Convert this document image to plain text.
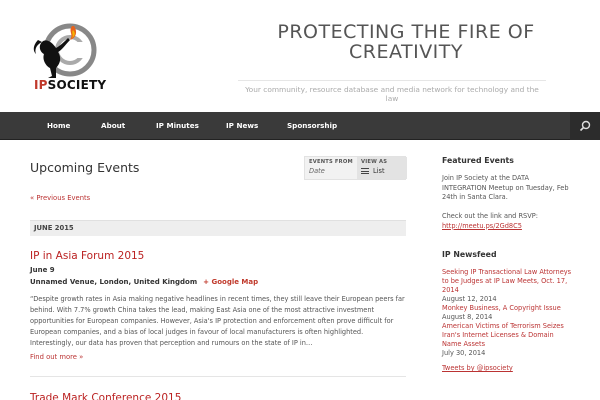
IPSOCIETY
PROTECTING THE FIRE OF CREATIVITY
Your community, resource database and media network for technology and the law
Home	About	IP Minutes	IP News	Sponsorship
Upcoming Events	EVENTS FROM
Date
VIEW AS
List
« Previous Events
JUNE 2015
IP in Asia Forum 2015
June 9
Unnamed Venue, London, United Kingdom + Google Map
“Despite growth rates in Asia making negative headlines in recent times, they still leave their European peers far behind. With 7.7% growth China takes the lead, making East Asia one of the most attractive investment opportunities for European companies. However, Asia's IP protection and enforcement often prove difficult for European companies, and a bias of local judges in favour of local manufacturers is often highlighted. Interestingly, our data has proven that perception and rumours on the state of IP in…
Find out more »
Trade Mark Conference 2015
Featured Events
Join IP Society at the DATA INTEGRATION Meetup on Tuesday, Feb 24th in Santa Clara.
Check out the link and RSVP: http://meetu.ps/2Gd8C5
IP Newsfeed
Seeking IP Transactional Law Attorneys to be Judges at IP Law Meets, Oct. 17, 2014
August 12, 2014
Monkey Business, A Copyright Issue
August 8, 2014
American Victims of Terrorism Seizes Iran's Internet Licenses & Domain Name Assets
July 30, 2014
Tweets by @ipsociety
